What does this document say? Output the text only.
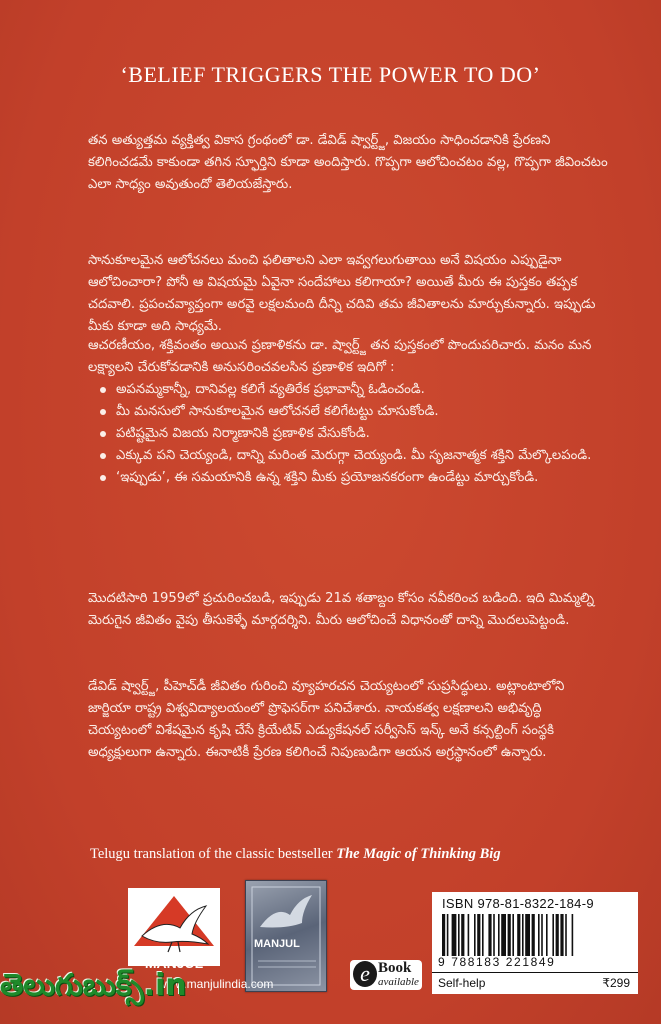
‘BELIEF TRIGGERS THE POWER TO DO’
తన అత్యుత్తమ వ్యక్తిత్వ వికాస గ్రంథంలో డా. డేవిడ్ ష్వార్ట్జ్, విజయం సాధించడానికి ప్రేరణని కలిగించడమే కాకుండా తగిన స్ఫూర్తిని కూడా అందిస్తారు. గొప్పగా ఆలోచించటం వల్ల, గొప్పగా జీవించటం ఎలా సాధ్యం అవుతుందో తెలియజేస్తారు.
సానుకూలమైన ఆలోచనలు మంచి ఫలితాలని ఎలా ఇవ్వగలుగుతాయి అనే విషయం ఎప్పుడైనా ఆలోచించారా? పోనీ ఆ విషయమై ఏవైనా సందేహాలు కలిగాయా? అయితే మీరు ఈ పుస్తకం తప్పక చదవాలి. ప్రపంచవ్యాప్తంగా అరవై లక్షలమంది దీన్ని చదివి తమ జీవితాలను మార్చుకున్నారు. ఇప్పుడు మీకు కూడా అది సాధ్యమే.
ఆచరణీయం, శక్తివంతం అయిన ప్రణాళికను డా. ష్వార్ట్జ్ తన పుస్తకంలో పొందుపరిచారు. మనం మన లక్ష్యాలని చేరుకోవడానికి అనుసరించవలసిన ప్రణాళిక ఇదిగో :
అపనమ్మకాన్నీ, దానివల్ల కలిగే వ్యతిరేక ప్రభావాన్నీ ఓడించండి.
మీ మనసులో సానుకూలమైన ఆలోచనలే కలిగేటట్టు చూసుకోండి.
పటిష్టమైన విజయ నిర్మాణానికి ప్రణాళిక వేసుకోండి.
ఎక్కువ పని చెయ్యండి, దాన్ని మరింత మెరుగ్గా చెయ్యండి. మీ సృజనాత్మక శక్తిని మేల్కొలపండి.
‘ఇప్పుడు’, ఈ సమయానికి ఉన్న శక్తిని మీకు ప్రయోజనకరంగా ఉండేట్టు మార్చుకోండి.
మొదటిసారి 1959లో ప్రచురించబడి, ఇప్పుడు 21వ శతాబ్దం కోసం నవీకరించ బడింది. ఇది మిమ్మల్ని మెరుగైన జీవితం వైపు తీసుకెళ్ళే మార్గదర్శిని. మీరు ఆలోచించే విధానంతో దాన్ని మొదలుపెట్టండి.
డేవిడ్ ష్వార్ట్జ్, పీహెచ్‌డీ జీవితం గురించి వ్యూహరచన చెయ్యటంలో సుప్రసిద్ధులు. అట్లాంటాలోని జార్జియా రాష్ట్ర విశ్వవిద్యాలయంలో ప్రొఫెసర్‌గా పనిచేశారు. నాయకత్వ లక్షణాలని అభివృద్ధి చెయ్యటంలో విశేషమైన కృషి చేసే క్రియేటివ్ ఎడ్యుకేషనల్ సర్వీసెస్ ఇన్క్ అనే కన్సల్టింగ్ సంస్థకి అధ్యక్షులుగా ఉన్నారు. ఈనాటికీ ప్రేరణ కలిగించే నిపుణుడిగా ఆయన అగ్రస్థానంలో ఉన్నారు.
Telugu translation of the classic bestseller The Magic of Thinking Big
MANJUL
MANJUL
www.manjulindia.com	e Book
available
ISBN 978-81-8322-184-9
9 788183 221849
Self-help	₹299
తెలుగుబుక్స్.in
